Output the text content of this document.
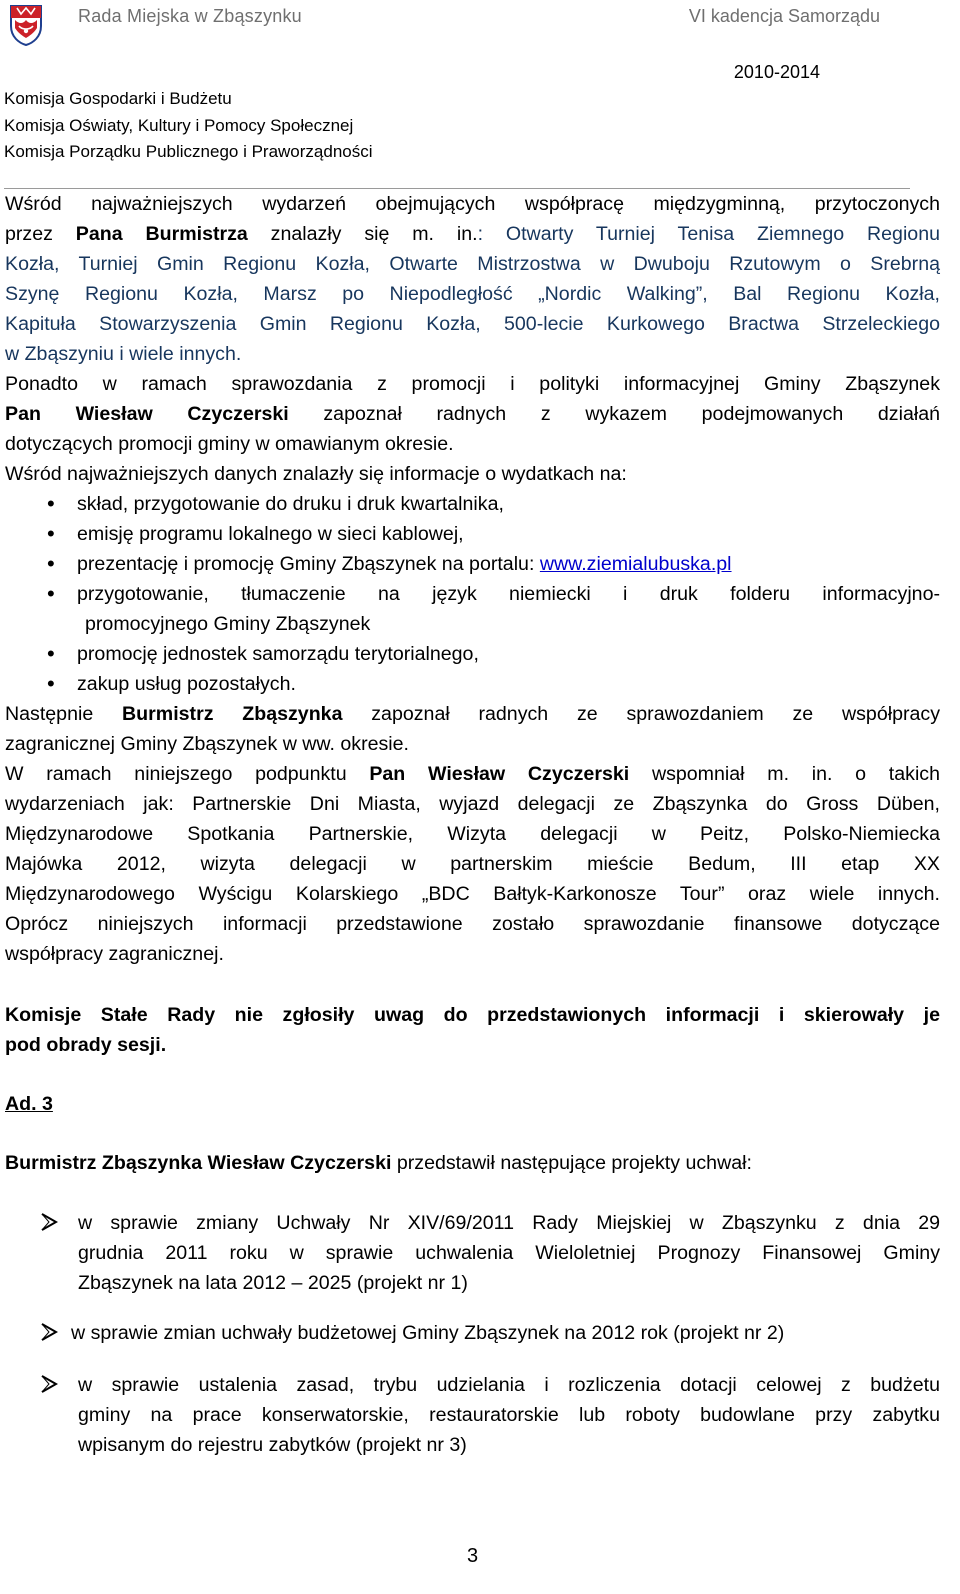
Rada Miejska w Zbąszynku	VI kadencja Samorządu
2010-2014
Komisja Gospodarki i Budżetu
Komisja Oświaty, Kultury i Pomocy Społecznej
Komisja Porządku Publicznego i Praworządności

Wśród najważniejszych wydarzeń obejmujących współpracę międzygminną, przytoczonych
przez Pana Burmistrza znalazły się m. in.: Otwarty Turniej Tenisa Ziemnego Regionu
Kozła, Turniej Gmin Regionu Kozła, Otwarte Mistrzostwa w Dwuboju Rzutowym o Srebrną
Szynę Regionu Kozła, Marsz po Niepodległość „Nordic Walking”, Bal Regionu Kozła,
Kapituła Stowarzyszenia Gmin Regionu Kozła, 500-lecie Kurkowego Bractwa Strzeleckiego
w Zbąszyniu i wiele innych.

Ponadto w ramach sprawozdania z promocji i polityki informacyjnej Gminy Zbąszynek
Pan Wiesław Czyczerski zapoznał radnych z wykazem podejmowanych działań
dotyczących promocji gminy w omawianym okresie.

Wśród najważniejszych danych znalazły się informacje o wydatkach na:

• skład, przygotowanie do druku i druk kwartalnika,
• emisję programu lokalnego w sieci kablowej,
• prezentację i promocję Gminy Zbąszynek na portalu: www.ziemialubuska.pl
• przygotowanie, tłumaczenie na język niemiecki i druk folderu informacyjno-
promocyjnego Gminy Zbąszynek
• promocję jednostek samorządu terytorialnego,
• zakup usług pozostałych.

Następnie Burmistrz Zbąszynka zapoznał radnych ze sprawozdaniem ze współpracy
zagranicznej Gminy Zbąszynek w ww. okresie.

W ramach niniejszego podpunktu Pan Wiesław Czyczerski wspomniał m. in. o takich
wydarzeniach jak: Partnerskie Dni Miasta, wyjazd delegacji ze Zbąszynka do Gross Düben,
Międzynarodowe Spotkania Partnerskie, Wizyta delegacji w Peitz, Polsko-Niemiecka
Majówka 2012, wizyta delegacji w partnerskim mieście Bedum, III etap XX
Międzynarodowego Wyścigu Kolarskiego „BDC Bałtyk-Karkonosze Tour” oraz wiele innych.
Oprócz niniejszych informacji przedstawione zostało sprawozdanie finansowe dotyczące
współpracy zagranicznej.

Komisje Stałe Rady nie zgłosiły uwag do przedstawionych informacji i skierowały je
pod obrady sesji.

Ad. 3

Burmistrz Zbąszynka Wiesław Czyczerski przedstawił następujące projekty uchwał:

w sprawie zmiany Uchwały Nr XIV/69/2011 Rady Miejskiej w Zbąszynku z dnia 29
grudnia 2011 roku w sprawie uchwalenia Wieloletniej Prognozy Finansowej Gminy
Zbąszynek na lata 2012 – 2025 (projekt nr 1)
w sprawie zmian uchwały budżetowej Gminy Zbąszynek na 2012 rok (projekt nr 2)
w sprawie ustalenia zasad, trybu udzielania i rozliczenia dotacji celowej z budżetu
gminy na prace konserwatorskie, restauratorskie lub roboty budowlane przy zabytku
wpisanym do rejestru zabytków (projekt nr 3)
3
